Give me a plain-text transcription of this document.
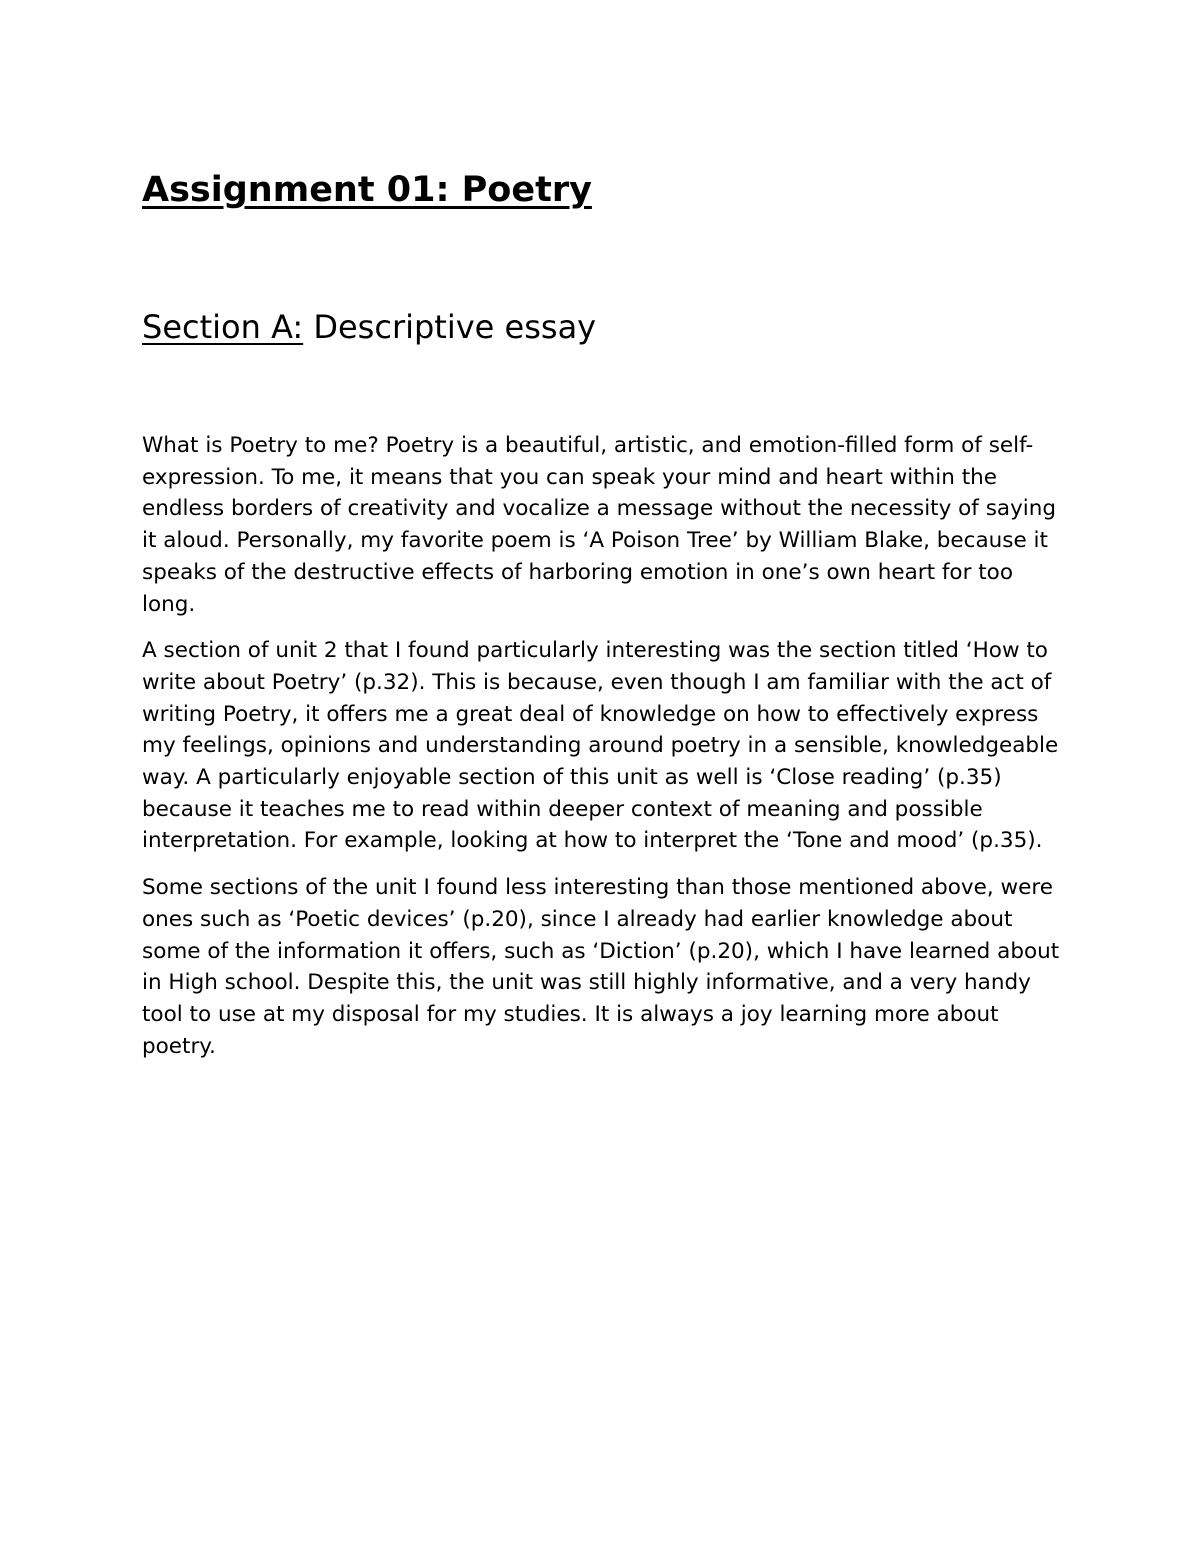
Assignment 01: Poetry
Section A: Descriptive essay

What is Poetry to me? Poetry is a beautiful, artistic, and emotion-filled form of self-expression. To me, it means that you can speak your mind and heart within the endless borders of creativity and vocalize a message without the necessity of saying it aloud. Personally, my favorite poem is ‘A Poison Tree’ by William Blake, because it speaks of the destructive effects of harboring emotion in one’s own heart for too long.

A section of unit 2 that I found particularly interesting was the section titled ‘How to write about Poetry’ (p.32). This is because, even though I am familiar with the act of writing Poetry, it offers me a great deal of knowledge on how to effectively express my feelings, opinions and understanding around poetry in a sensible, knowledgeable way. A particularly enjoyable section of this unit as well is ‘Close reading’ (p.35) because it teaches me to read within deeper context of meaning and possible interpretation. For example, looking at how to interpret the ‘Tone and mood’ (p.35).

Some sections of the unit I found less interesting than those mentioned above, were ones such as ‘Poetic devices’ (p.20), since I already had earlier knowledge about some of the information it offers, such as ‘Diction’ (p.20), which I have learned about in High school. Despite this, the unit was still highly informative, and a very handy tool to use at my disposal for my studies. It is always a joy learning more about poetry.
